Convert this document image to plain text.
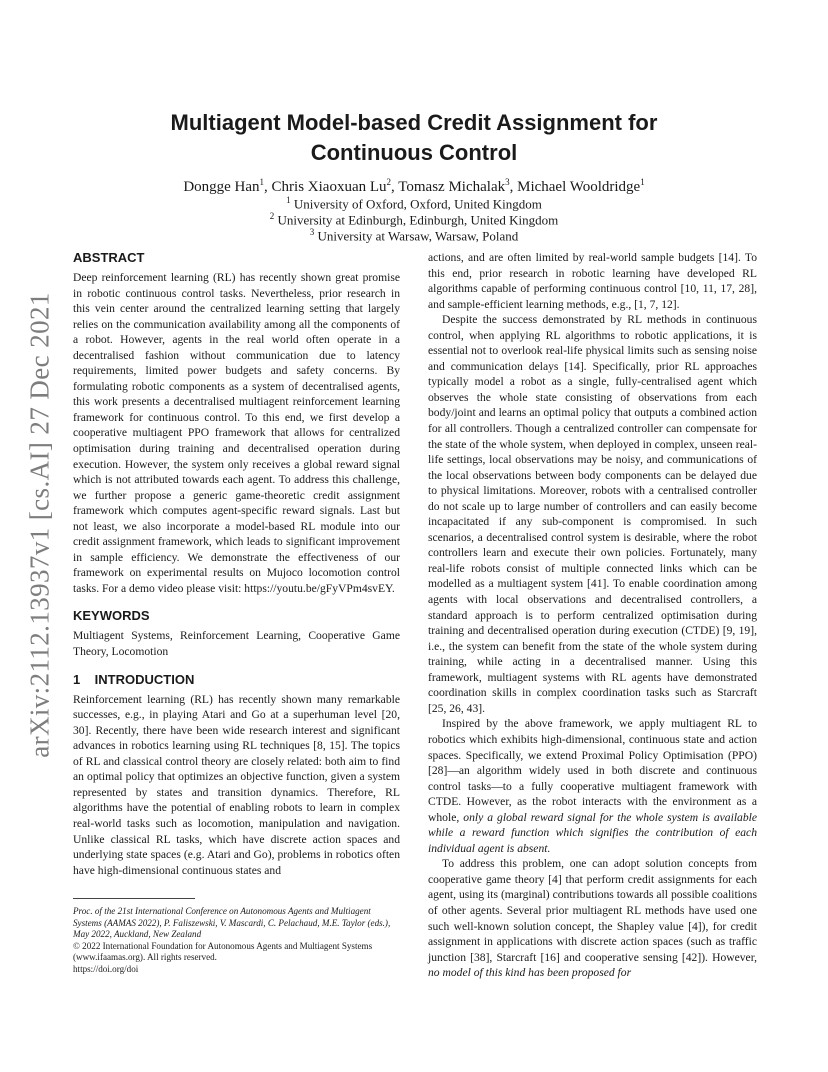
arXiv:2112.13937v1 [cs.AI] 27 Dec 2021
Multiagent Model-based Credit Assignment for
Continuous Control
Dongge Han$^1$, Chris Xiaoxuan Lu$^2$, Tomasz Michalak$^3$, Michael Wooldridge$^1$
$^1$ University of Oxford, Oxford, United Kingdom
$^2$ University at Edinburgh, Edinburgh, United Kingdom
$^3$ University at Warsaw, Warsaw, Poland
ABSTRACT

Deep reinforcement learning (RL) has recently shown great promise in robotic continuous control tasks. Nevertheless, prior research in this vein center around the centralized learning setting that largely relies on the communication availability among all the components of a robot. However, agents in the real world often operate in a decentralised fashion without communication due to latency requirements, limited power budgets and safety concerns. By formulating robotic components as a system of decentralised agents, this work presents a decentralised multiagent reinforcement learning framework for continuous control. To this end, we first develop a cooperative multiagent PPO framework that allows for centralized optimisation during training and decentralised operation during execution. However, the system only receives a global reward signal which is not attributed towards each agent. To address this challenge, we further propose a generic game-theoretic credit assignment framework which computes agent-specific reward signals. Last but not least, we also incorporate a model-based RL module into our credit assignment framework, which leads to significant improvement in sample efficiency. We demonstrate the effectiveness of our framework on experimental results on Mujoco locomotion control tasks. For a demo video please visit: https://youtu.be/gFyVPm4svEY.

KEYWORDS

Multiagent Systems, Reinforcement Learning, Cooperative Game Theory, Locomotion

1    INTRODUCTION

Reinforcement learning (RL) has recently shown many remarkable successes, e.g., in playing Atari and Go at a superhuman level [20, 30]. Recently, there have been wide research interest and significant advances in robotics learning using RL techniques [8, 15]. The topics of RL and classical control theory are closely related: both aim to find an optimal policy that optimizes an objective function, given a system represented by states and transition dynamics. Therefore, RL algorithms have the potential of enabling robots to learn in complex real-world tasks such as locomotion, manipulation and navigation. Unlike classical RL tasks, which have discrete action spaces and underlying state spaces (e.g. Atari and Go), problems in robotics often have high-dimensional continuous states and

actions, and are often limited by real-world sample budgets [14]. To this end, prior research in robotic learning have developed RL algorithms capable of performing continuous control [10, 11, 17, 28], and sample-efficient learning methods, e.g., [1, 7, 12].

Despite the success demonstrated by RL methods in continuous control, when applying RL algorithms to robotic applications, it is essential not to overlook real-life physical limits such as sensing noise and communication delays [14]. Specifically, prior RL approaches typically model a robot as a single, fully-centralised agent which observes the whole state consisting of observations from each body/joint and learns an optimal policy that outputs a combined action for all controllers. Though a centralized controller can compensate for the state of the whole system, when deployed in complex, unseen real-life settings, local observations may be noisy, and communications of the local observations between body components can be delayed due to physical limitations. Moreover, robots with a centralised controller do not scale up to large number of controllers and can easily become incapacitated if any sub-component is compromised. In such scenarios, a decentralised control system is desirable, where the robot controllers learn and execute their own policies. Fortunately, many real-life robots consist of multiple connected links which can be modelled as a multiagent system [41]. To enable coordination among agents with local observations and decentralised controllers, a standard approach is to perform centralized optimisation during training and decentralised operation during execution (CTDE) [9, 19], i.e., the system can benefit from the state of the whole system during training, while acting in a decentralised manner. Using this framework, multiagent systems with RL agents have demonstrated coordination skills in complex coordination tasks such as Starcraft [25, 26, 43].

Inspired by the above framework, we apply multiagent RL to robotics which exhibits high-dimensional, continuous state and action spaces. Specifically, we extend Proximal Policy Optimisation (PPO) [28]—an algorithm widely used in both discrete and continuous control tasks—to a fully cooperative multiagent framework with CTDE. However, as the robot interacts with the environment as a whole, only a global reward signal for the whole system is available while a reward function which signifies the contribution of each individual agent is absent.

To address this problem, one can adopt solution concepts from cooperative game theory [4] that perform credit assignments for each agent, using its (marginal) contributions towards all possible coalitions of other agents. Several prior multiagent RL methods have used one such well-known solution concept, the Shapley value [4]), for credit assignment in applications with discrete action spaces (such as traffic junction [38], Starcraft [16] and cooperative sensing [42]). However, no model of this kind has been proposed for

Proc. of the 21st International Conference on Autonomous Agents and Multiagent Systems (AAMAS 2022), P. Faliszewski, V. Mascardi, C. Pelachaud, M.E. Taylor (eds.), May 2022, Auckland, New Zealand

© 2022 International Foundation for Autonomous Agents and Multiagent Systems (www.ifaamas.org). All rights reserved.

https://doi.org/doi
